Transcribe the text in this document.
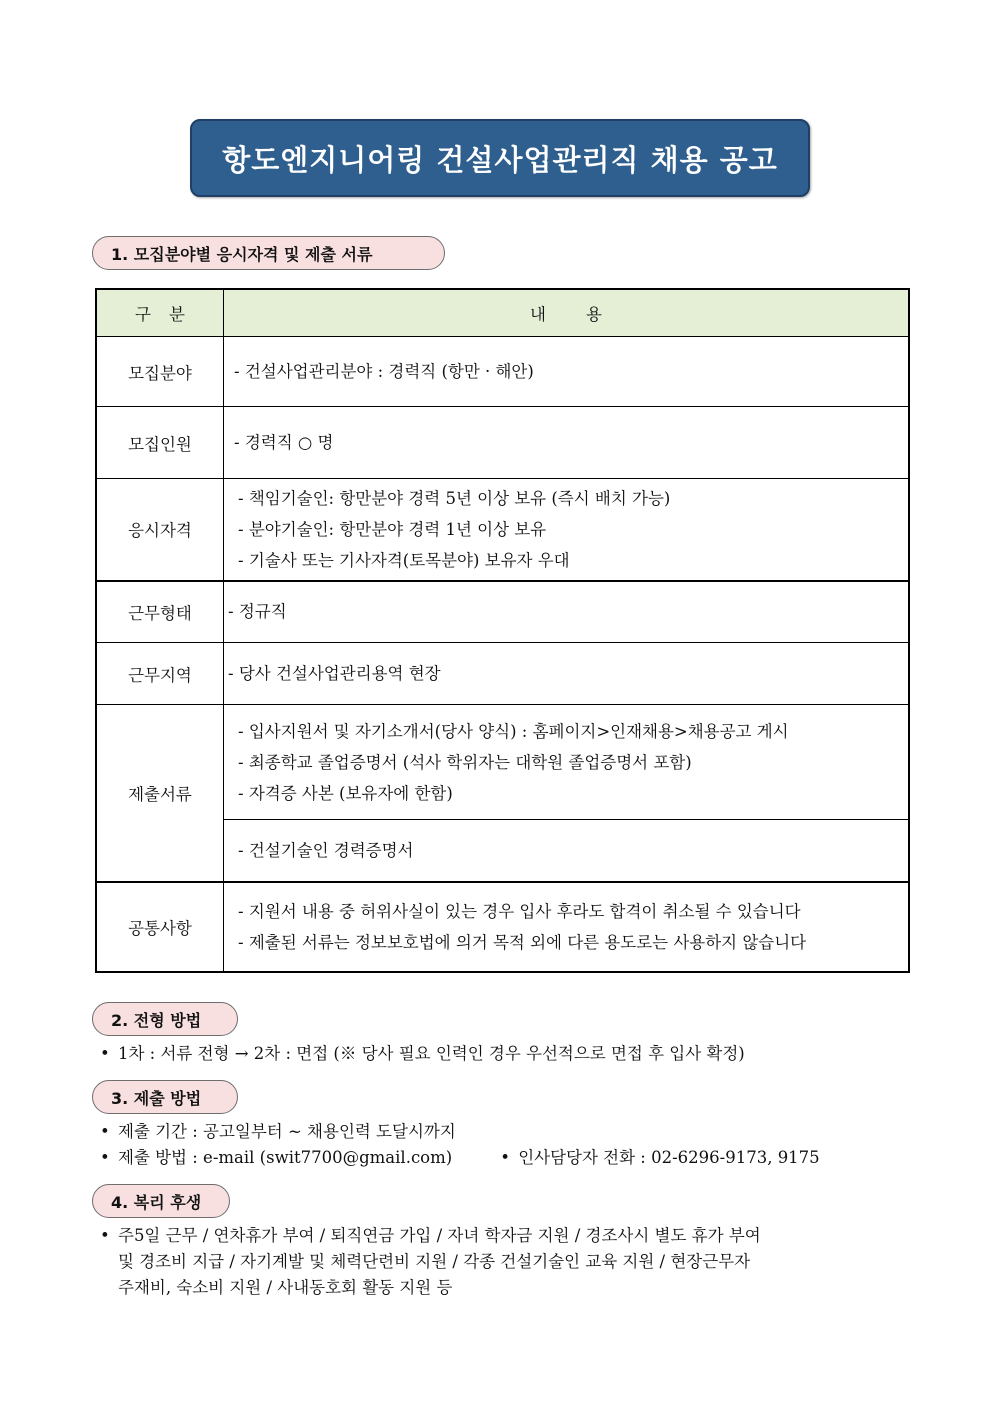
항도엔지니어링 건설사업관리직 채용 공고
1. 모집분야별 응시자격 및 제출 서류
구분	내용
모집분야	- 건설사업관리분야 : 경력직 (항만 · 해안)

모집인원	- 경력직 ○ 명

응시자격	- 책임기술인: 항만분야 경력 5년 이상 보유 (즉시 배치 가능)
- 분야기술인: 항만분야 경력 1년 이상 보유
- 기술사 또는 기사자격(토목분야) 보유자 우대

근무형태	- 정규직

근무지역	- 당사 건설사업관리용역 현장

제출서류	- 입사지원서 및 자기소개서(당사 양식) : 홈페이지>인재채용>채용공고 게시
- 최종학교 졸업증명서 (석사 학위자는 대학원 졸업증명서 포함)
- 자격증 사본 (보유자에 한함)

	- 건설기술인 경력증명서

공통사항	- 지원서 내용 중 허위사실이 있는 경우 입사 후라도 합격이 취소될 수 있습니다
- 제출된 서류는 정보보호법에 의거 목적 외에 다른 용도로는 사용하지 않습니다
2. 전형 방법
• 1차 : 서류 전형 → 2차 : 면접 (※ 당사 필요 인력인 경우 우선적으로 면접 후 입사 확정)
3. 제출 방법
• 제출 기간 : 공고일부터 ~ 채용인력 도달시까지
• 제출 방법 : e-mail (swit7700@gmail.com)	• 인사담당자 전화 : 02-6296-9173, 9175
4. 복리 후생
• 주5일 근무 / 연차휴가 부여 / 퇴직연금 가입 / 자녀 학자금 지원 / 경조사시 별도 휴가 부여
및 경조비 지급 / 자기계발 및 체력단련비 지원 / 각종 건설기술인 교육 지원 / 현장근무자
주재비, 숙소비 지원 / 사내동호회 활동 지원 등
